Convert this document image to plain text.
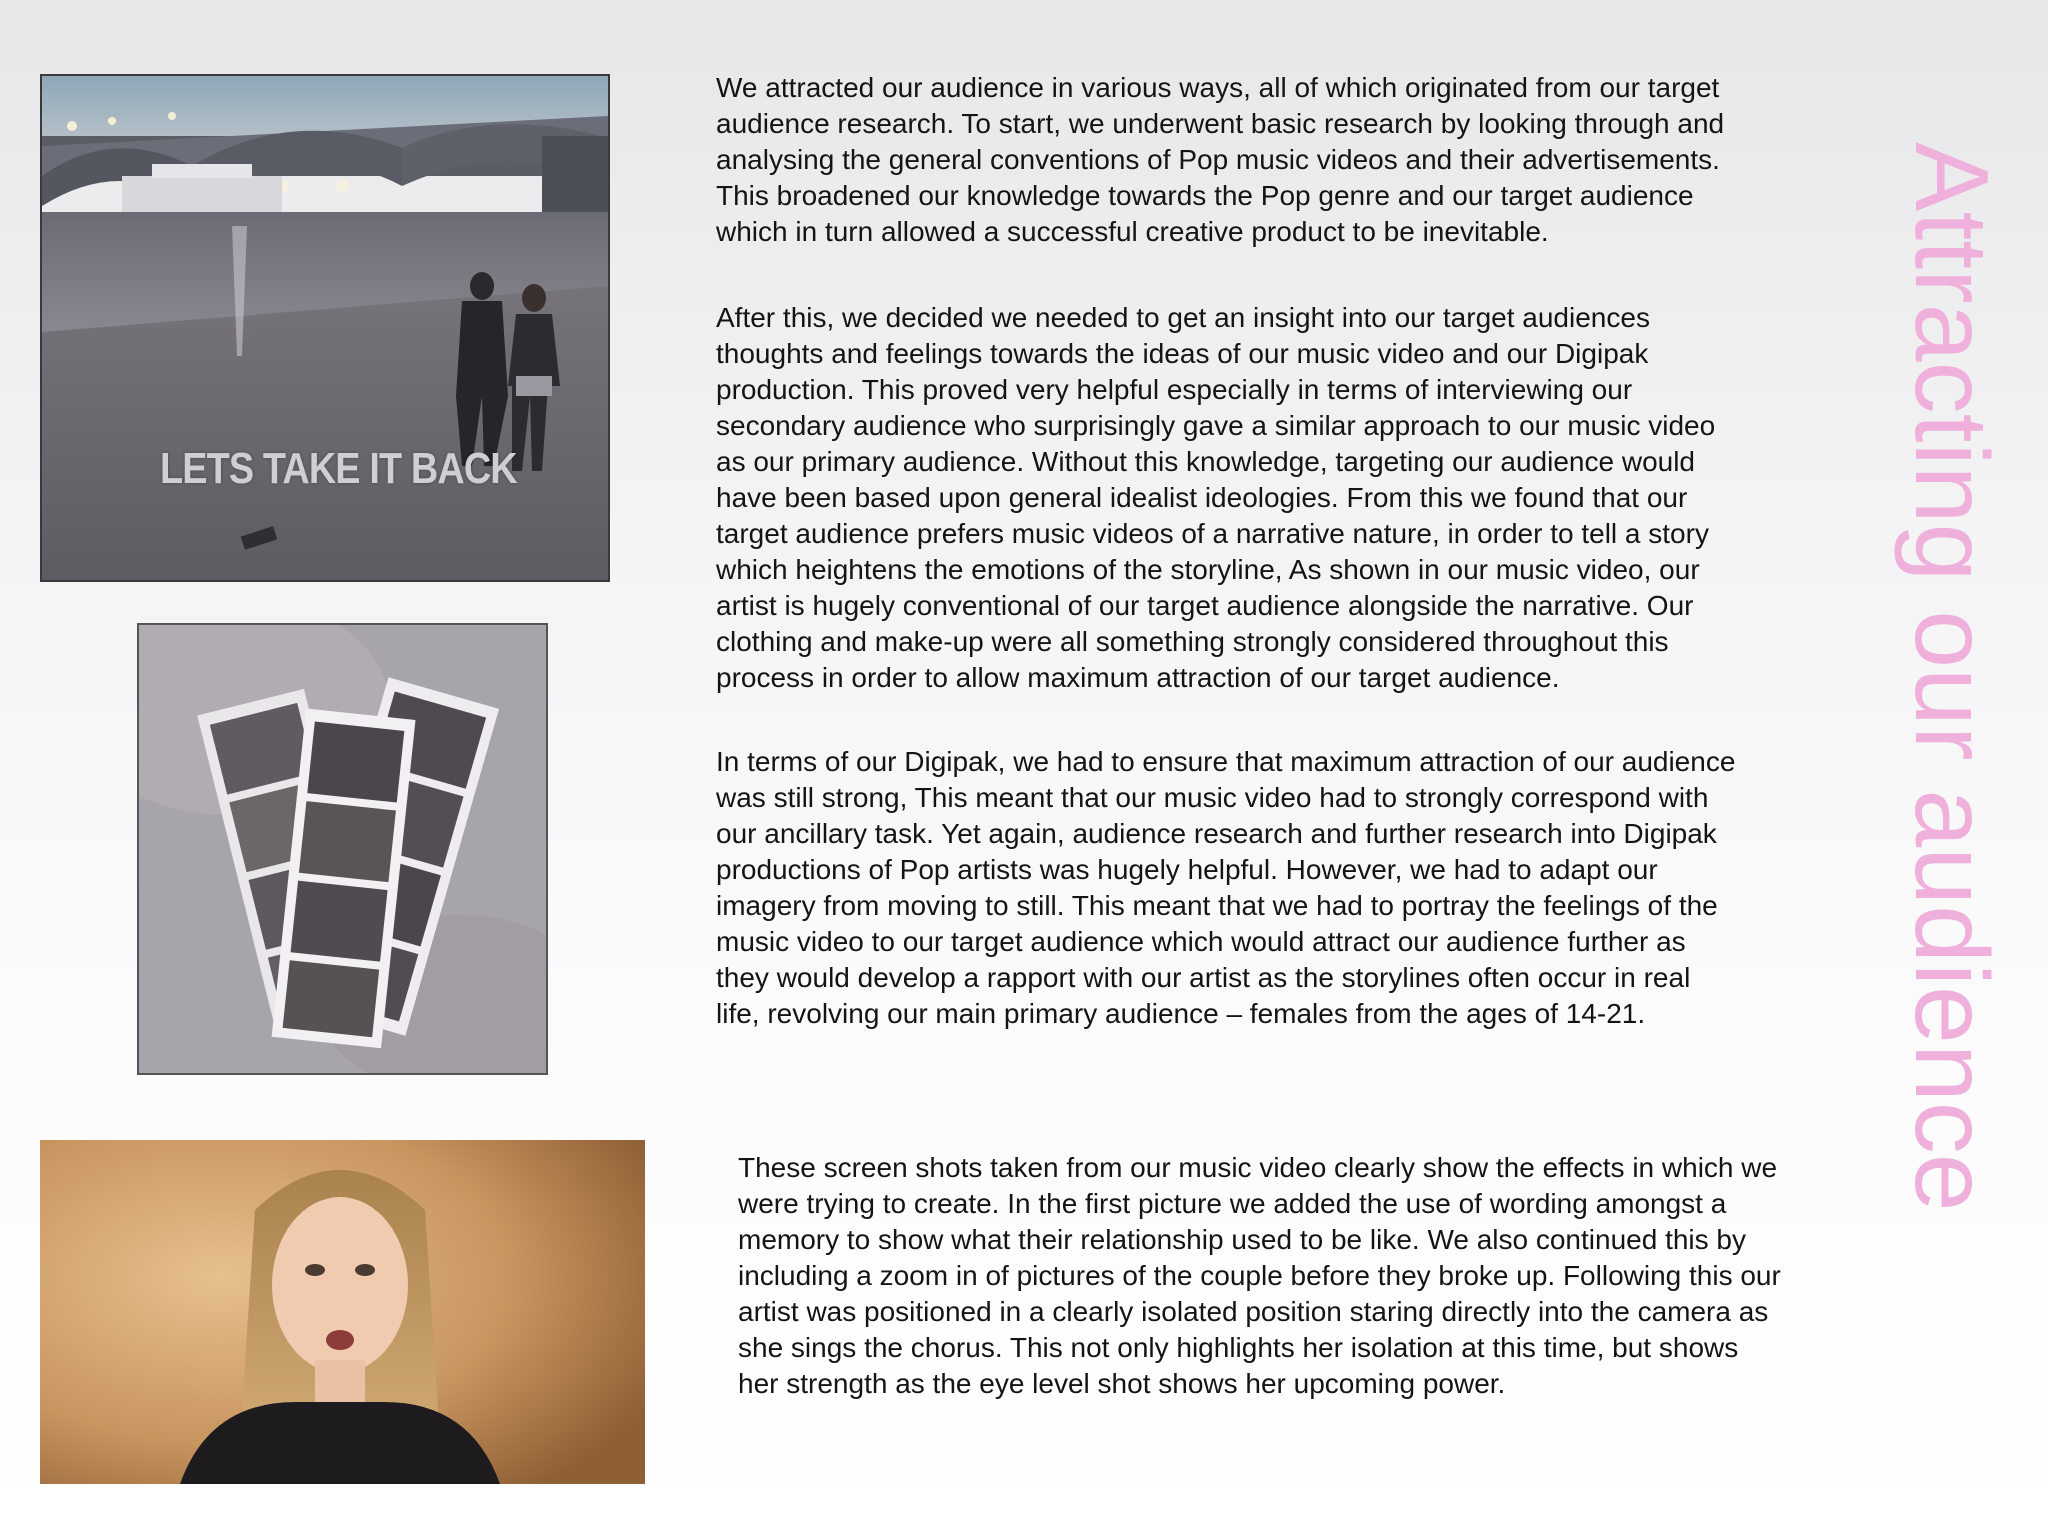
LETS TAKE IT BACK

We attracted our audience in various ways, all of which originated from our target
audience research. To start, we underwent basic research by looking through and
analysing the general conventions of Pop music videos and their advertisements.
This broadened our knowledge towards the Pop genre and our target audience
which in turn allowed a successful creative product to be inevitable.

After this, we decided we needed to get an insight into our target audiences
thoughts and feelings towards the ideas of our music video and our Digipak
production. This proved very helpful especially in terms of interviewing our
secondary audience who surprisingly gave a similar approach to our music video
as our primary audience. Without this knowledge, targeting our audience would
have been based upon general idealist ideologies. From this we found that our
target audience prefers music videos of a narrative nature, in order to tell a story
which heightens the emotions of the storyline, As shown in our music video, our
artist is hugely conventional of our target audience alongside the narrative. Our
clothing and make-up were all something strongly considered throughout this
process in order to allow maximum attraction of our target audience.

In terms of our Digipak, we had to ensure that maximum attraction of our audience
was still strong, This meant that our music video had to strongly correspond with
our ancillary task. Yet again, audience research and further research into Digipak
productions of Pop artists was hugely helpful. However, we had to adapt our
imagery from moving to still. This meant that we had to portray the feelings of the
music video to our target audience which would attract our audience further as
they would develop a rapport with our artist as the storylines often occur in real
life, revolving our main primary audience – females from the ages of 14-21.

These screen shots taken from our music video clearly show the effects in which we
were trying to create. In the first picture we added the use of wording amongst a
memory to show what their relationship used to be like. We also continued this by
including a zoom in of pictures of the couple before they broke up. Following this our
artist was positioned in a clearly isolated position staring directly into the camera as
she sings the chorus. This not only highlights her isolation at this time, but shows
her strength as the eye level shot shows her upcoming power.

Attracting our audience
